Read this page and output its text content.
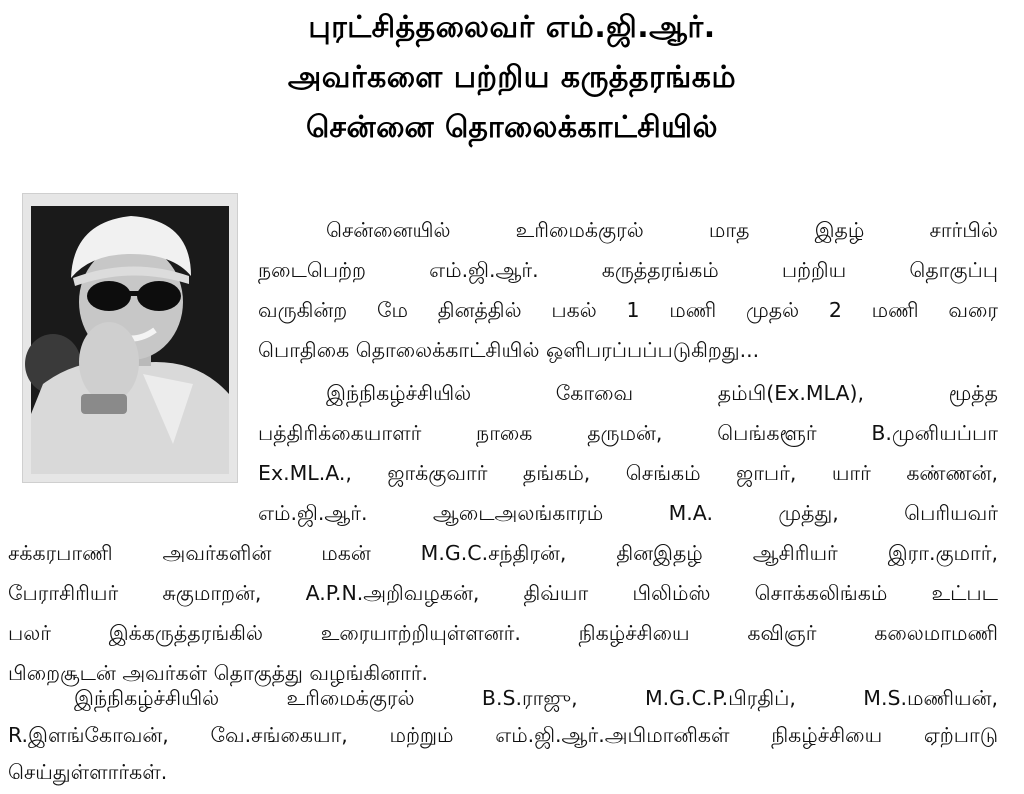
புரட்சித்தலைவர் எம்.ஜி.ஆர்.
அவர்களை பற்றிய கருத்தரங்கம்
சென்னை தொலைக்காட்சியில்
சென்னையில் உரிமைக்குரல் மாத இதழ் சார்பில்
நடைபெற்ற எம்.ஜி.ஆர். கருத்தரங்கம் பற்றிய தொகுப்பு
வருகின்ற மே தினத்தில் பகல் 1 மணி முதல் 2 மணி வரை
பொதிகை தொலைக்காட்சியில் ஒளிபரப்பப்படுகிறது...
இந்நிகழ்ச்சியில் கோவை தம்பி(Ex.MLA), மூத்த
பத்திரிக்கையாளர் நாகை தருமன், பெங்களூர் B.முனியப்பா
Ex.ML.A., ஜாக்குவார் தங்கம், செங்கம் ஜாபர், யார் கண்ணன்,
எம்.ஜி.ஆர். ஆடைஅலங்காரம் M.A. முத்து, பெரியவர்
சக்கரபாணி அவர்களின் மகன் M.G.C.சந்திரன், தினஇதழ் ஆசிரியர் இரா.குமார்,
பேராசிரியர் சுகுமாறன், A.P.N.அறிவழகன், திவ்யா பிலிம்ஸ் சொக்கலிங்கம் உட்பட
பலர் இக்கருத்தரங்கில் உரையாற்றியுள்ளனர். நிகழ்ச்சியை கவிஞர் கலைமாமணி
பிறைசூடன் அவர்கள் தொகுத்து வழங்கினார்.
இந்நிகழ்ச்சியில் உரிமைக்குரல் B.S.ராஜு, M.G.C.P.பிரதிப், M.S.மணியன்,
R.இளங்கோவன், வே.சங்கையா, மற்றும் எம்.ஜி.ஆர்.அபிமானிகள் நிகழ்ச்சியை ஏற்பாடு
செய்துள்ளார்கள்.
